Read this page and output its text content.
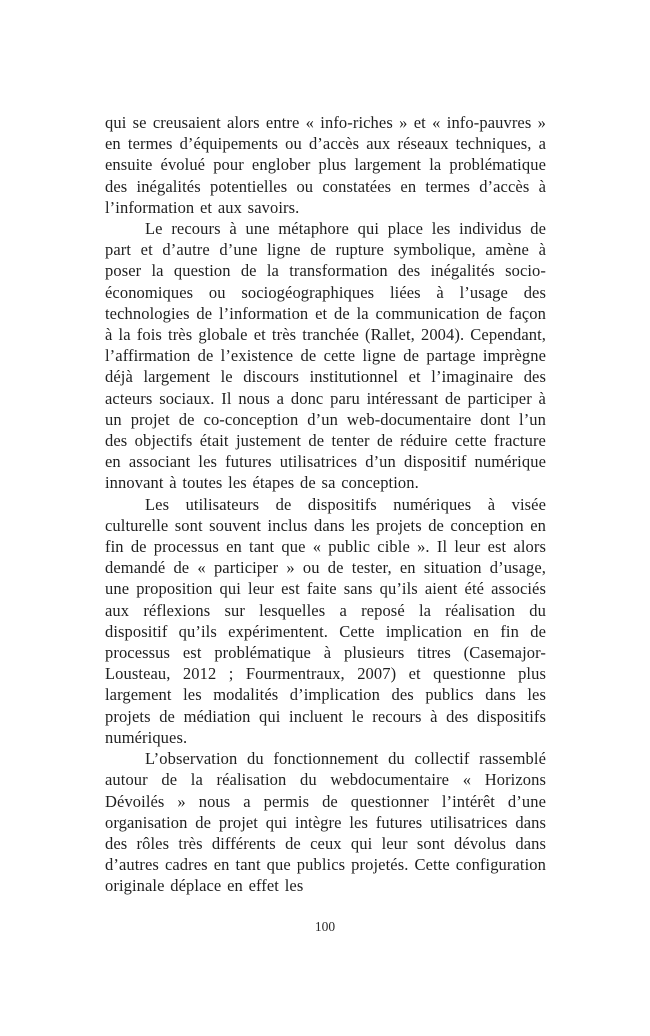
qui se creusaient alors entre « info-riches » et « info-pauvres » en termes d’équipements ou d’accès aux réseaux techniques, a ensuite évolué pour englober plus largement la problématique des inégalités potentielles ou constatées en termes d’accès à l’information et aux savoirs.

Le recours à une métaphore qui place les individus de part et d’autre d’une ligne de rupture symbolique, amène à poser la question de la transformation des inégalités socio-économiques ou sociogéographiques liées à l’usage des technologies de l’information et de la communication de façon à la fois très globale et très tranchée (Rallet, 2004). Cependant, l’affirmation de l’existence de cette ligne de partage imprègne déjà largement le discours institutionnel et l’imaginaire des acteurs sociaux. Il nous a donc paru intéressant de participer à un projet de co-conception d’un web-documentaire dont l’un des objectifs était justement de tenter de réduire cette fracture en associant les futures utilisatrices d’un dispositif numérique innovant à toutes les étapes de sa conception.

Les utilisateurs de dispositifs numériques à visée culturelle sont souvent inclus dans les projets de conception en fin de processus en tant que « public cible ». Il leur est alors demandé de « participer » ou de tester, en situation d’usage, une proposition qui leur est faite sans qu’ils aient été associés aux réflexions sur lesquelles a reposé la réalisation du dispositif qu’ils expérimentent. Cette implication en fin de processus est problématique à plusieurs titres (Casemajor-Lousteau, 2012 ; Fourmentraux, 2007) et questionne plus largement les modalités d’implication des publics dans les projets de médiation qui incluent le recours à des dispositifs numériques.

L’observation du fonctionnement du collectif rassemblé autour de la réalisation du webdocumentaire « Horizons Dévoilés » nous a permis de questionner l’intérêt d’une organisation de projet qui intègre les futures utilisatrices dans des rôles très différents de ceux qui leur sont dévolus dans d’autres cadres en tant que publics projetés. Cette configuration originale déplace en effet les

100
